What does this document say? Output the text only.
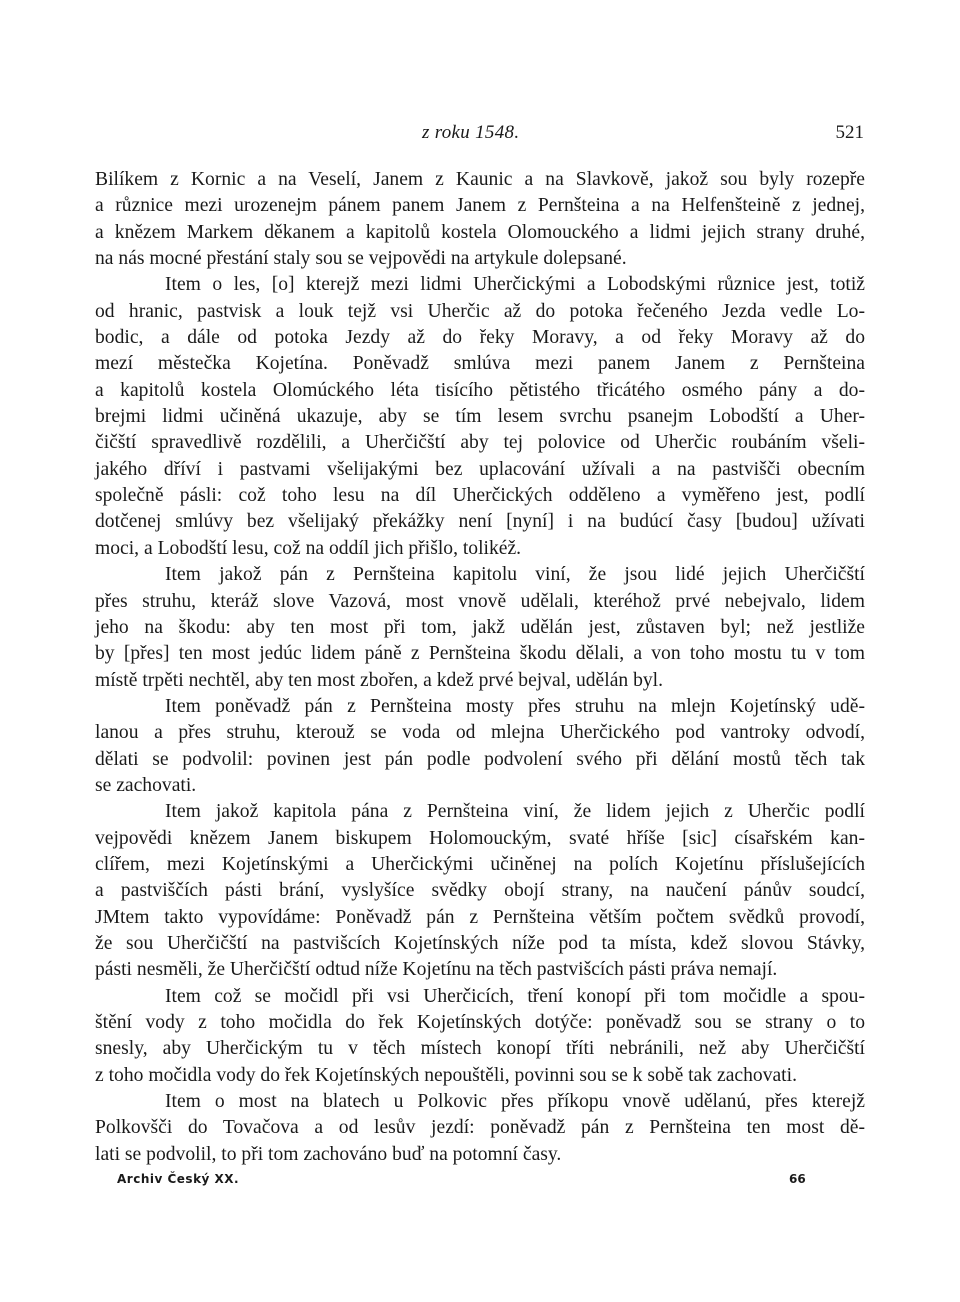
z roku 1548.	521
Bilíkem z Kornic a na Veselí, Janem z Kaunic a na Slavkově, jakož sou byly rozepře
a různice mezi urozenejm pánem panem Janem z Pernšteina a na Helfenšteině z jednej,
a knězem Markem děkanem a kapitolů kostela Olomouckého a lidmi jejich strany druhé,
na nás mocné přestání staly sou se vejpovědi na artykule dolepsané.
Item o les, [o] kterejž mezi lidmi Uherčickými a Lobodskými různice jest, totiž
od hranic, pastvisk a louk tejž vsi Uherčic až do potoka řečeného Jezda vedle Lo-
bodic, a dále od potoka Jezdy až do řeky Moravy, a od řeky Moravy až do
mezí městečka Kojetína. Poněvadž smlúva mezi panem Janem z Pernšteina
a kapitolů kostela Olomúckého léta tisícího pětistého třicátého osmého pány a do-
brejmi lidmi učiněná ukazuje, aby se tím lesem svrchu psanejm Lobodští a Uher-
čičští spravedlivě rozdělili, a Uherčičští aby tej polovice od Uherčic roubáním všeli-
jakého dříví i pastvami všelijakými bez uplacování užívali a na pastvišči obecním
společně pásli: což toho lesu na díl Uherčických odděleno a vyměřeno jest, podlí
dotčenej smlúvy bez všelijaký překážky není [nyní] i na budúcí časy [budou] užívati
moci, a Lobodští lesu, což na oddíl jich přišlo, tolikéž.
Item jakož pán z Pernšteina kapitolu viní, že jsou lidé jejich Uherčičští
přes struhu, kteráž slove Vazová, most vnově udělali, kteréhož prvé nebejvalo, lidem
jeho na škodu: aby ten most při tom, jakž udělán jest, zůstaven byl; než jestliže
by [přes] ten most jedúc lidem páně z Pernšteina škodu dělali, a von toho mostu tu v tom
místě trpěti nechtěl, aby ten most zbořen, a kdež prvé bejval, udělán byl.
Item poněvadž pán z Pernšteina mosty přes struhu na mlejn Kojetínský udě-
lanou a přes struhu, kterouž se voda od mlejna Uherčického pod vantroky odvodí,
dělati se podvolil: povinen jest pán podle podvolení svého při dělání mostů těch tak
se zachovati.
Item jakož kapitola pána z Pernšteina viní, že lidem jejich z Uherčic podlí
vejpovědi knězem Janem biskupem Holomouckým, svaté hříše [sic] císařském kan-
clířem, mezi Kojetínskými a Uherčickými učiněnej na polích Kojetínu příslušejících
a pastviščích pásti brání, vyslyšíce svědky obojí strany, na naučení pánův soudcí,
JMtem takto vypovídáme: Poněvadž pán z Pernšteina větším počtem svědků provodí,
že sou Uherčičští na pastvišcích Kojetínských níže pod ta místa, kdež slovou Stávky,
pásti nesměli, že Uherčičští odtud níže Kojetínu na těch pastvišcích pásti práva nemají.
Item což se močidl při vsi Uherčicích, tření konopí při tom močidle a spou-
štění vody z toho močidla do řek Kojetínských dotýče: poněvadž sou se strany o to
snesly, aby Uherčickým tu v těch místech konopí tříti nebránili, než aby Uherčičští
z toho močidla vody do řek Kojetínských nepouštěli, povinni sou se k sobě tak zachovati.
Item o most na blatech u Polkovic přes příkopu vnově udělanú, přes kterejž
Polkovšči do Tovačova a od lesův jezdí: poněvadž pán z Pernšteina ten most dě-
lati se podvolil, to při tom zachováno buď na potomní časy.
Archiv Český XX.	66
